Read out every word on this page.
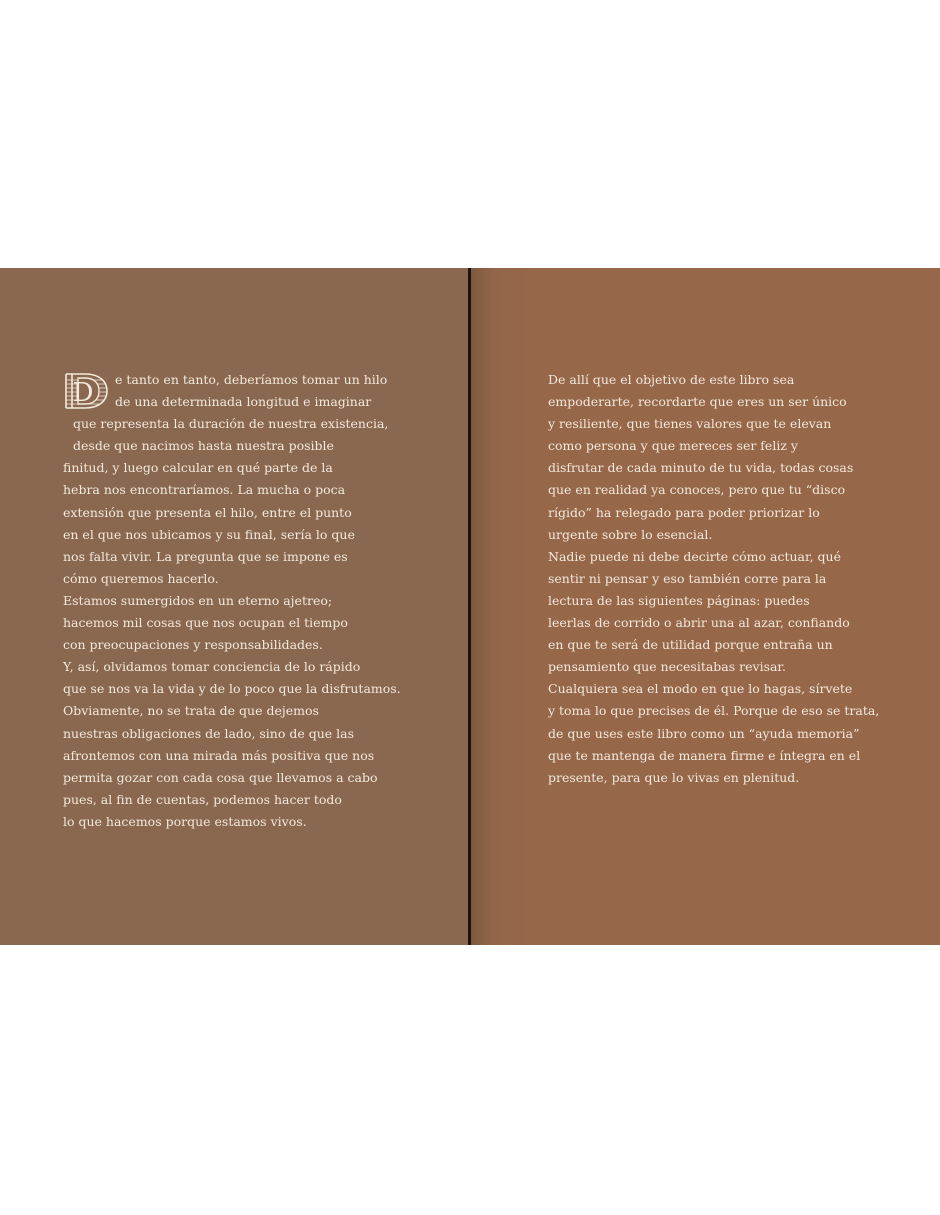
D	e tanto en tanto, deberíamos tomar un hilo
de una determinada longitud e imaginar
que representa la duración de nuestra existencia,
desde que nacimos hasta nuestra posible
finitud, y luego calcular en qué parte de la
hebra nos encontraríamos. La mucha o poca
extensión que presenta el hilo, entre el punto
en el que nos ubicamos y su final, sería lo que
nos falta vivir. La pregunta que se impone es
cómo queremos hacerlo.
Estamos sumergidos en un eterno ajetreo;
hacemos mil cosas que nos ocupan el tiempo
con preocupaciones y responsabilidades.
Y, así, olvidamos tomar conciencia de lo rápido
que se nos va la vida y de lo poco que la disfrutamos.
Obviamente, no se trata de que dejemos
nuestras obligaciones de lado, sino de que las
afrontemos con una mirada más positiva que nos
permita gozar con cada cosa que llevamos a cabo
pues, al fin de cuentas, podemos hacer todo
lo que hacemos porque estamos vivos.
De allí que el objetivo de este libro sea
empoderarte, recordarte que eres un ser único
y resiliente, que tienes valores que te elevan
como persona y que mereces ser feliz y
disfrutar de cada minuto de tu vida, todas cosas
que en realidad ya conoces, pero que tu “disco
rígido” ha relegado para poder priorizar lo
urgente sobre lo esencial.
Nadie puede ni debe decirte cómo actuar, qué
sentir ni pensar y eso también corre para la
lectura de las siguientes páginas: puedes
leerlas de corrido o abrir una al azar, confiando
en que te será de utilidad porque entraña un
pensamiento que necesitabas revisar.
Cualquiera sea el modo en que lo hagas, sírvete
y toma lo que precises de él. Porque de eso se trata,
de que uses este libro como un “ayuda memoria”
que te mantenga de manera firme e íntegra en el
presente, para que lo vivas en plenitud.
